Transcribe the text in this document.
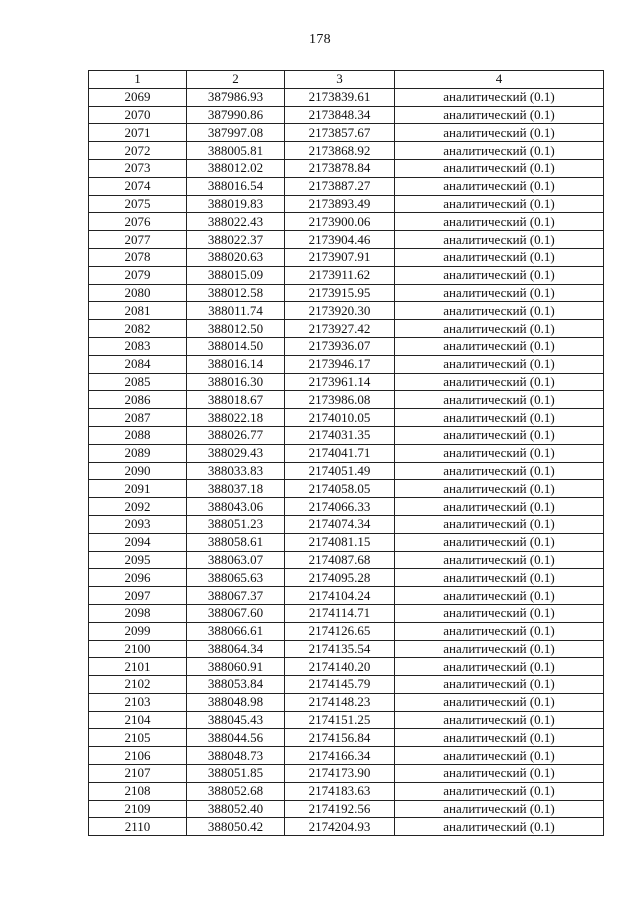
178
1	2	3	4
2069	387986.93	2173839.61	аналитический (0.1)
2070	387990.86	2173848.34	аналитический (0.1)
2071	387997.08	2173857.67	аналитический (0.1)
2072	388005.81	2173868.92	аналитический (0.1)
2073	388012.02	2173878.84	аналитический (0.1)
2074	388016.54	2173887.27	аналитический (0.1)
2075	388019.83	2173893.49	аналитический (0.1)
2076	388022.43	2173900.06	аналитический (0.1)
2077	388022.37	2173904.46	аналитический (0.1)
2078	388020.63	2173907.91	аналитический (0.1)
2079	388015.09	2173911.62	аналитический (0.1)
2080	388012.58	2173915.95	аналитический (0.1)
2081	388011.74	2173920.30	аналитический (0.1)
2082	388012.50	2173927.42	аналитический (0.1)
2083	388014.50	2173936.07	аналитический (0.1)
2084	388016.14	2173946.17	аналитический (0.1)
2085	388016.30	2173961.14	аналитический (0.1)
2086	388018.67	2173986.08	аналитический (0.1)
2087	388022.18	2174010.05	аналитический (0.1)
2088	388026.77	2174031.35	аналитический (0.1)
2089	388029.43	2174041.71	аналитический (0.1)
2090	388033.83	2174051.49	аналитический (0.1)
2091	388037.18	2174058.05	аналитический (0.1)
2092	388043.06	2174066.33	аналитический (0.1)
2093	388051.23	2174074.34	аналитический (0.1)
2094	388058.61	2174081.15	аналитический (0.1)
2095	388063.07	2174087.68	аналитический (0.1)
2096	388065.63	2174095.28	аналитический (0.1)
2097	388067.37	2174104.24	аналитический (0.1)
2098	388067.60	2174114.71	аналитический (0.1)
2099	388066.61	2174126.65	аналитический (0.1)
2100	388064.34	2174135.54	аналитический (0.1)
2101	388060.91	2174140.20	аналитический (0.1)
2102	388053.84	2174145.79	аналитический (0.1)
2103	388048.98	2174148.23	аналитический (0.1)
2104	388045.43	2174151.25	аналитический (0.1)
2105	388044.56	2174156.84	аналитический (0.1)
2106	388048.73	2174166.34	аналитический (0.1)
2107	388051.85	2174173.90	аналитический (0.1)
2108	388052.68	2174183.63	аналитический (0.1)
2109	388052.40	2174192.56	аналитический (0.1)
2110	388050.42	2174204.93	аналитический (0.1)
